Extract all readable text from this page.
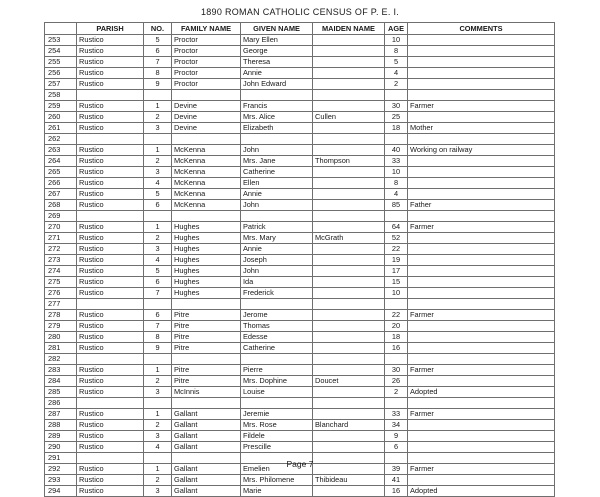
1890 ROMAN CATHOLIC CENSUS OF P. E. I.
	PARISH	NO.	FAMILY NAME	GIVEN NAME	MAIDEN NAME	AGE	COMMENTS
253	Rustico	5	Proctor	Mary Ellen		10	
254	Rustico	6	Proctor	George		8	
255	Rustico	7	Proctor	Theresa		5	
256	Rustico	8	Proctor	Annie		4	
257	Rustico	9	Proctor	John Edward		2	
258							
259	Rustico	1	Devine	Francis		30	Farmer
260	Rustico	2	Devine	Mrs. Alice	Cullen	25	
261	Rustico	3	Devine	Elizabeth		18	Mother
262							
263	Rustico	1	McKenna	John		40	Working on railway
264	Rustico	2	McKenna	Mrs. Jane	Thompson	33	
265	Rustico	3	McKenna	Catherine		10	
266	Rustico	4	McKenna	Ellen		8	
267	Rustico	5	McKenna	Annie		4	
268	Rustico	6	McKenna	John		85	Father
269							
270	Rustico	1	Hughes	Patrick		64	Farmer
271	Rustico	2	Hughes	Mrs. Mary	McGrath	52	
272	Rustico	3	Hughes	Annie		22	
273	Rustico	4	Hughes	Joseph		19	
274	Rustico	5	Hughes	John		17	
275	Rustico	6	Hughes	Ida		15	
276	Rustico	7	Hughes	Frederick		10	
277							
278	Rustico	6	Pitre	Jerome		22	Farmer
279	Rustico	7	Pitre	Thomas		20	
280	Rustico	8	Pitre	Edesse		18	
281	Rustico	9	Pitre	Catherine		16	
282							
283	Rustico	1	Pitre	Pierre		30	Farmer
284	Rustico	2	Pitre	Mrs. Dophine	Doucet	26	
285	Rustico	3	McInnis	Louise		2	Adopted
286							
287	Rustico	1	Gallant	Jeremie		33	Farmer
288	Rustico	2	Gallant	Mrs. Rose	Blanchard	34	
289	Rustico	3	Gallant	Fildele		9	
290	Rustico	4	Gallant	Prescille		6	
291							
292	Rustico	1	Gallant	Emelien		39	Farmer
293	Rustico	2	Gallant	Mrs. Philomene	Thibideau	41	
294	Rustico	3	Gallant	Marie		16	Adopted
Page 7
